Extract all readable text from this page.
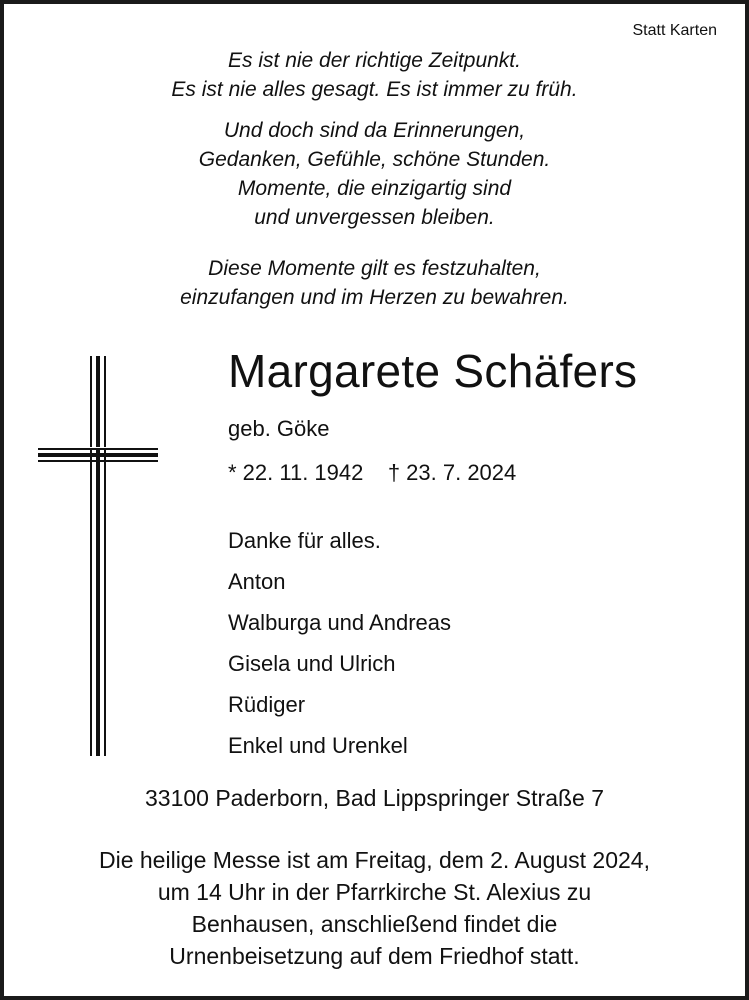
Statt Karten
Es ist nie der richtige Zeitpunkt.
Es ist nie alles gesagt. Es ist immer zu früh.
Und doch sind da Erinnerungen,
Gedanken, Gefühle, schöne Stunden.
Momente, die einzigartig sind
und unvergessen bleiben.
Diese Momente gilt es festzuhalten,
einzufangen und im Herzen zu bewahren.
Margarete Schäfers
geb. Göke
* 22. 11. 1942    † 23. 7. 2024
Danke für alles.
Anton
Walburga und Andreas
Gisela und Ulrich
Rüdiger
Enkel und Urenkel
33100 Paderborn, Bad Lippspringer Straße 7
Die heilige Messe ist am Freitag, dem 2. August 2024,
um 14 Uhr in der Pfarrkirche St. Alexius zu
Benhausen, anschließend findet die
Urnenbeisetzung auf dem Friedhof statt.
